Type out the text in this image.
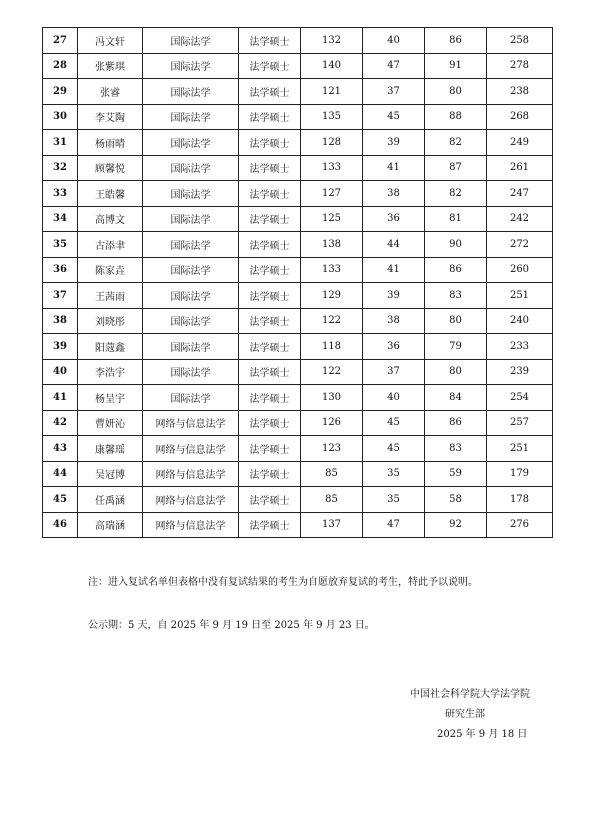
27	冯文轩	国际法学	法学硕士	132	40	86	258
28	张紫琪	国际法学	法学硕士	140	47	91	278
29	张睿	国际法学	法学硕士	121	37	80	238
30	李艾陶	国际法学	法学硕士	135	45	88	268
31	杨雨晴	国际法学	法学硕士	128	39	82	249
32	顾馨悦	国际法学	法学硕士	133	41	87	261
33	王皓馨	国际法学	法学硕士	127	38	82	247
34	高博文	国际法学	法学硕士	125	36	81	242
35	古添聿	国际法学	法学硕士	138	44	90	272
36	陈家垚	国际法学	法学硕士	133	41	86	260
37	王茜雨	国际法学	法学硕士	129	39	83	251
38	刘晓彤	国际法学	法学硕士	122	38	80	240
39	阳蔻鑫	国际法学	法学硕士	118	36	79	233
40	李浩宇	国际法学	法学硕士	122	37	80	239
41	杨呈宇	国际法学	法学硕士	130	40	84	254
42	曹妍沁	网络与信息法学	法学硕士	126	45	86	257
43	康馨瑶	网络与信息法学	法学硕士	123	45	83	251
44	吴冠博	网络与信息法学	法学硕士	85	35	59	179
45	任禹涵	网络与信息法学	法学硕士	85	35	58	178
46	高瑞涵	网络与信息法学	法学硕士	137	47	92	276
注：进入复试名单但表格中没有复试结果的考生为自愿放弃复试的考生，特此予以说明。
公示期：5 天，自 2025 年 9 月 19 日至 2025 年 9 月 23 日。
中国社会科学院大学法学院
研究生部
2025 年 9 月 18 日
